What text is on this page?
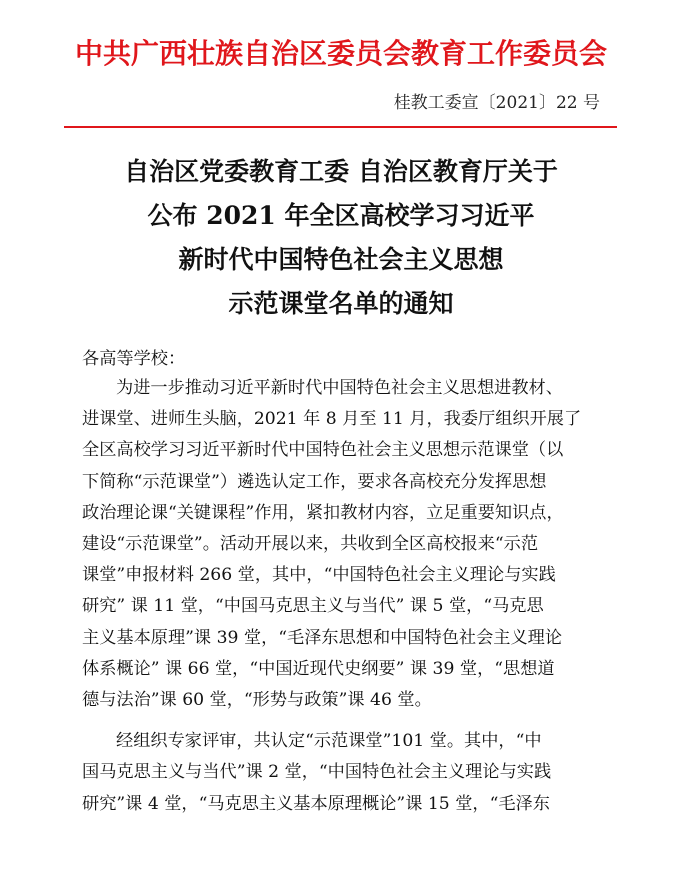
中共广西壮族自治区委员会教育工作委员会
桂教工委宣〔2021〕22 号
自治区党委教育工委 自治区教育厅关于
公布 2021 年全区高校学习习近平
新时代中国特色社会主义思想
示范课堂名单的通知
各高等学校：
为进一步推动习近平新时代中国特色社会主义思想进教材、
进课堂、进师生头脑，2021 年 8 月至 11 月，我委厅组织开展了
全区高校学习习近平新时代中国特色社会主义思想示范课堂（以
下简称“示范课堂”）遴选认定工作，要求各高校充分发挥思想
政治理论课“关键课程”作用，紧扣教材内容，立足重要知识点，
建设“示范课堂”。活动开展以来，共收到全区高校报来“示范
课堂”申报材料 266 堂，其中，“中国特色社会主义理论与实践
研究” 课 11 堂，“中国马克思主义与当代” 课 5 堂，“马克思
主义基本原理”课 39 堂，“毛泽东思想和中国特色社会主义理论
体系概论” 课 66 堂，“中国近现代史纲要” 课 39 堂，“思想道
德与法治”课 60 堂，“形势与政策”课 46 堂。
经组织专家评审，共认定“示范课堂”101 堂。其中，“中
国马克思主义与当代”课 2 堂，“中国特色社会主义理论与实践
研究”课 4 堂，“马克思主义基本原理概论”课 15 堂，“毛泽东
